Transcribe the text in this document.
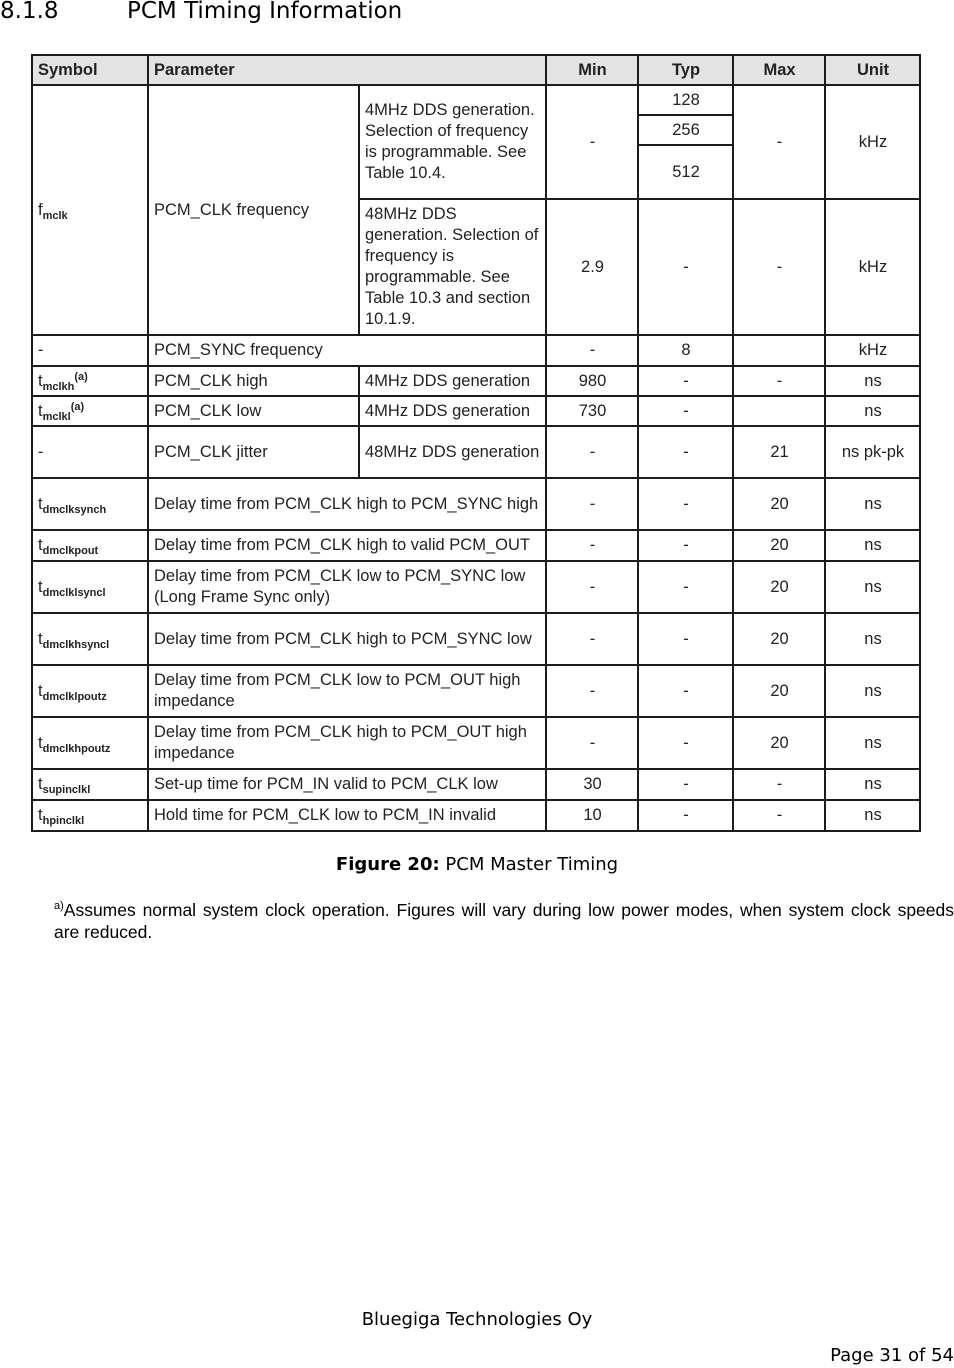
8.1.8	PCM Timing Information
Symbol	Parameter		Min	Typ	Max	Unit
$f_{mclk}$	PCM_CLK frequency	4MHz DDS generation. Selection of frequency is programmable. See Table 10.4.	-	128	-	kHz
				256		
				512		
		48MHz DDS generation. Selection of frequency is programmable. See Table 10.3 and section 10.1.9.	2.9	-	-	kHz
-	PCM_SYNC frequency		-	8		kHz
$t_{mclkh}^{(a)}$	PCM_CLK high	4MHz DDS generation	980	-	-	ns
$t_{mclkl}^{(a)}$	PCM_CLK low	4MHz DDS generation	730	-		ns
-	PCM_CLK jitter	48MHz DDS generation	-	-	21	ns pk-pk
$t_{dmclksynch}$	Delay time from PCM_CLK high to PCM_SYNC high		-	-	20	ns
$t_{dmclkpout}$	Delay time from PCM_CLK high to valid PCM_OUT		-	-	20	ns
$t_{dmclklsyncl}$	Delay time from PCM_CLK low to PCM_SYNC low (Long Frame Sync only)		-	-	20	ns
$t_{dmclkhsyncl}$	Delay time from PCM_CLK high to PCM_SYNC low		-	-	20	ns
$t_{dmclklpoutz}$	Delay time from PCM_CLK low to PCM_OUT high impedance		-	-	20	ns
$t_{dmclkhpoutz}$	Delay time from PCM_CLK high to PCM_OUT high impedance		-	-	20	ns
$t_{supinclkl}$	Set-up time for PCM_IN valid to PCM_CLK low		30	-	-	ns
$t_{hpinclkl}$	Hold time for PCM_CLK low to PCM_IN invalid		10	-	-	ns
Figure 20: PCM Master Timing
$^{a)}$Assumes normal system clock operation. Figures will vary during low power modes, when system clock speeds are reduced.
Bluegiga Technologies Oy
Page 31 of 54
